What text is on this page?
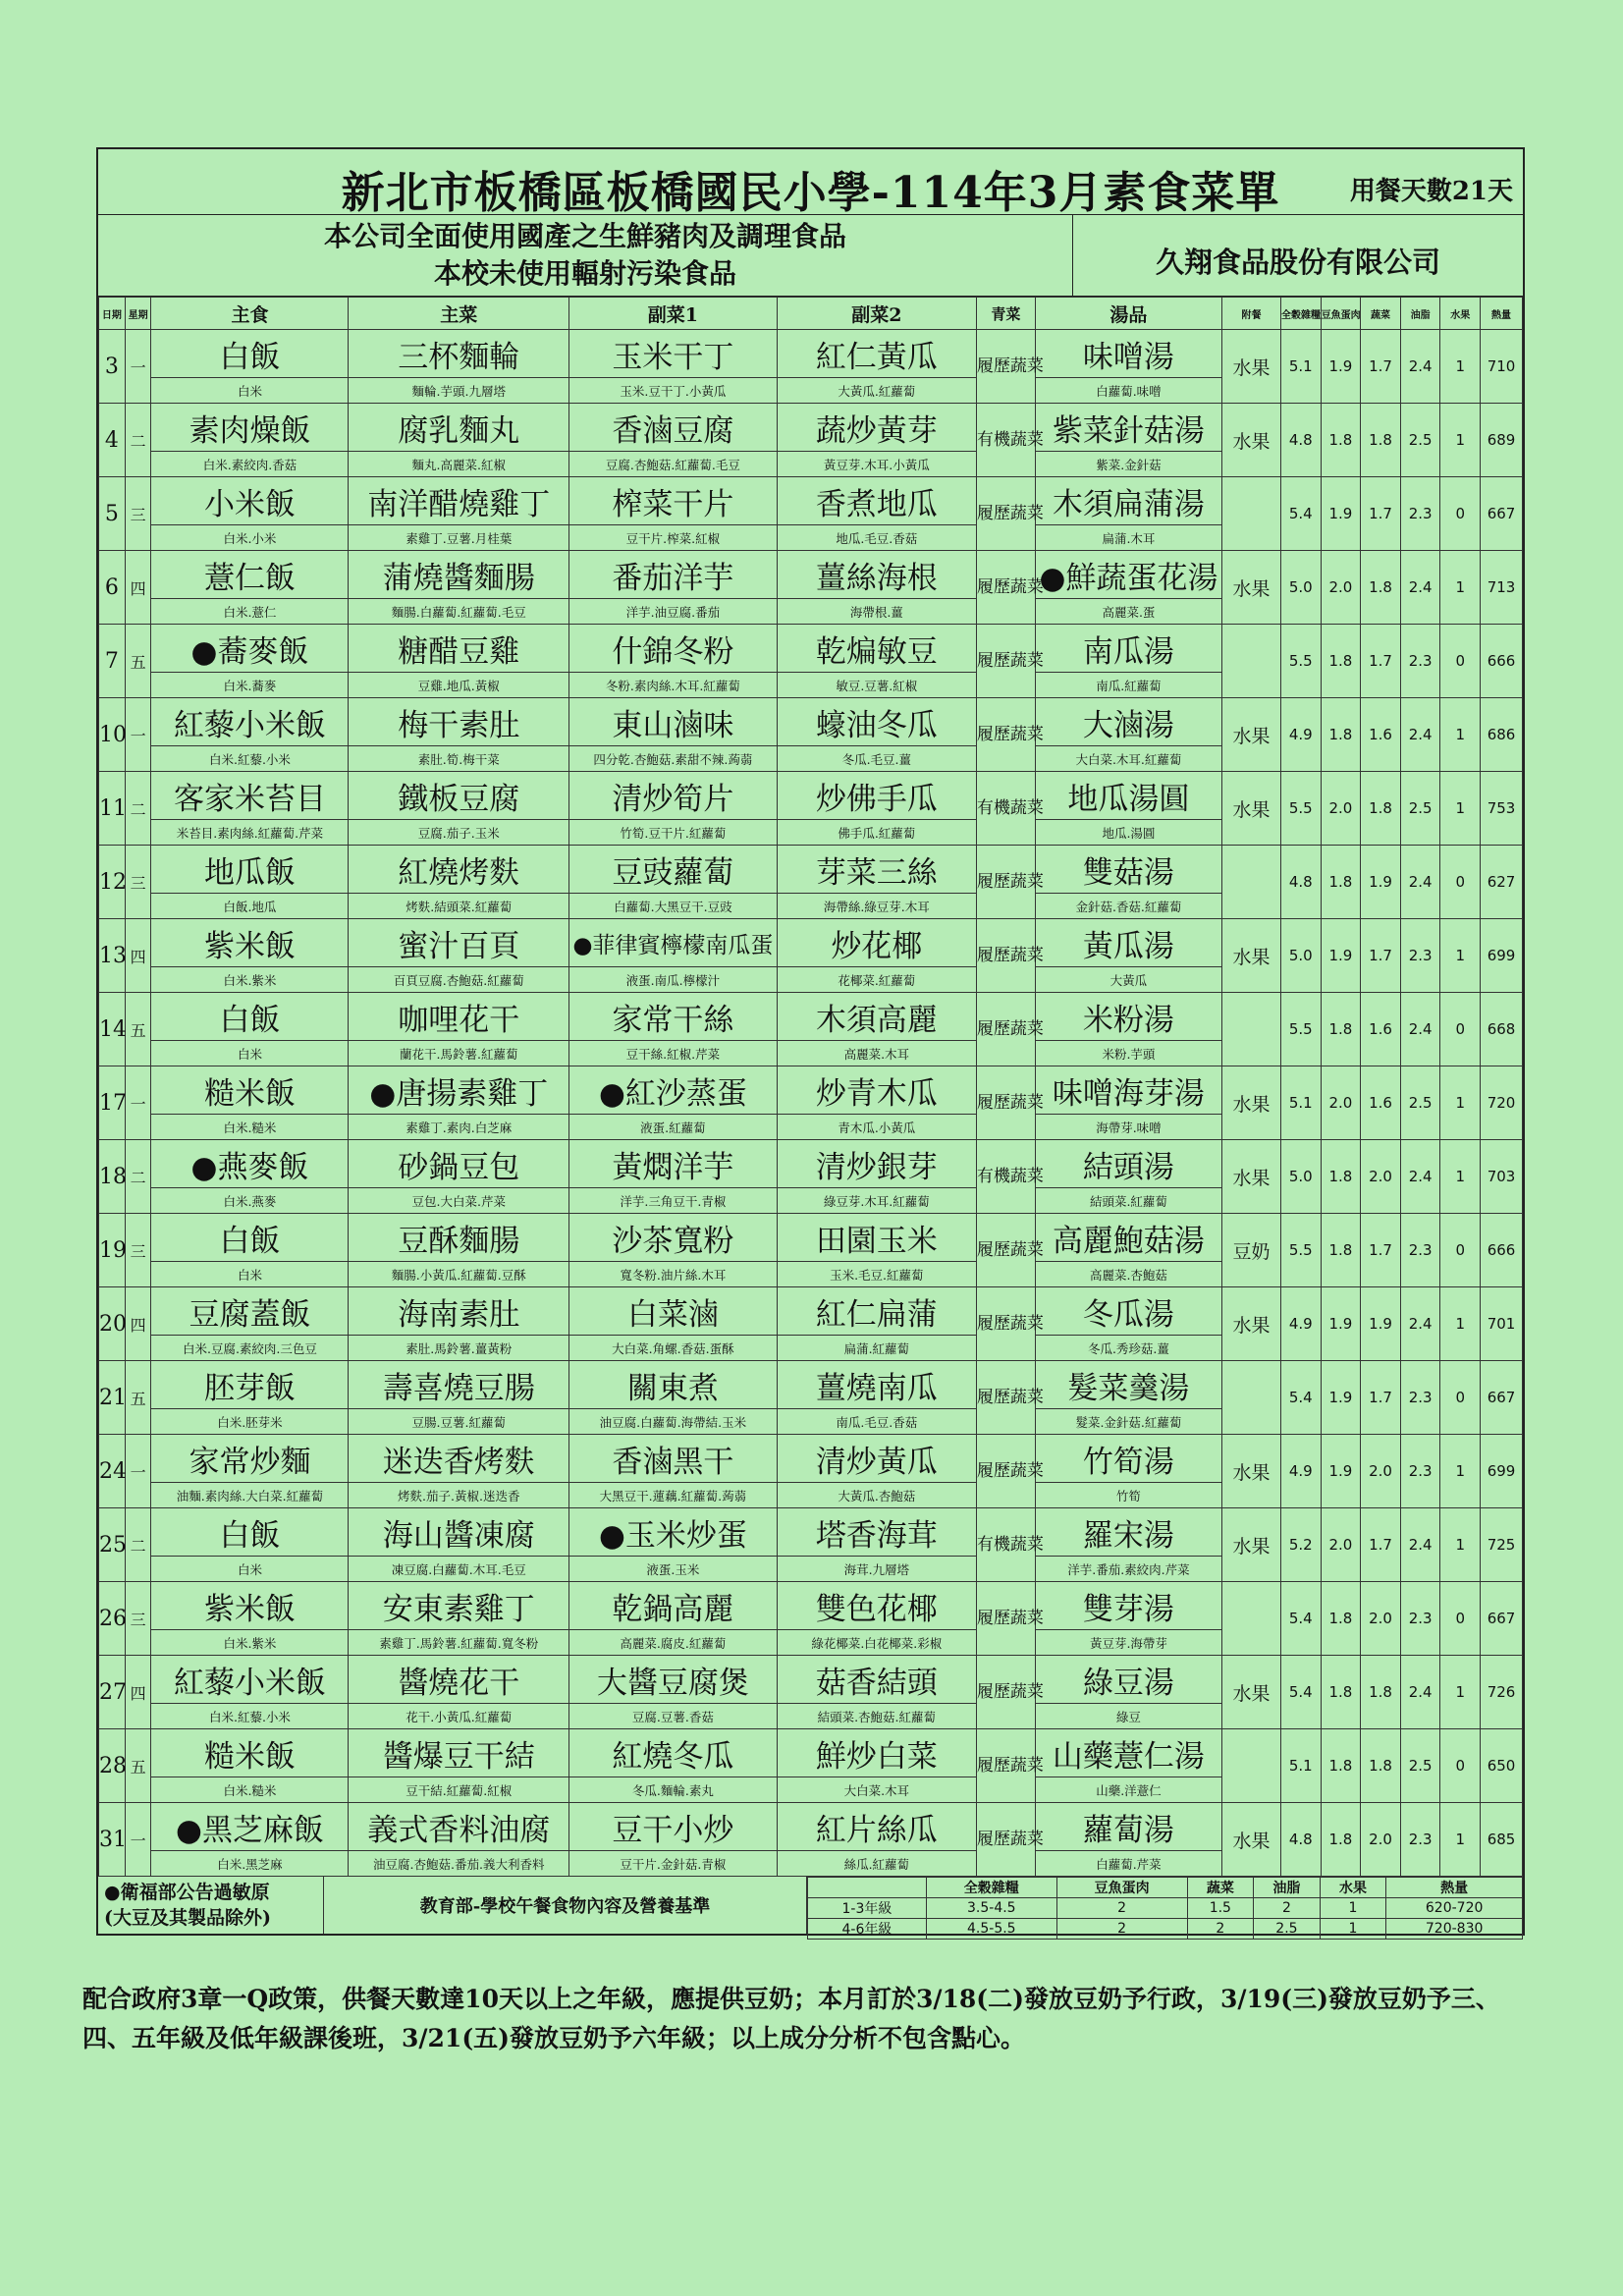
新北市板橋區板橋國民小學-114年3月素食菜單	用餐天數21天
本公司全面使用國產之生鮮豬肉及調理食品
本校未使用輻射污染食品	久翔食品股份有限公司
日期	星期	主食	主菜	副菜1	副菜2	青菜	湯品	附餐	全穀雜糧	豆魚蛋肉	蔬菜	油脂	水果	熱量
3	一	白飯	三杯麵輪	玉米干丁	紅仁黃瓜	履歷蔬菜	味噌湯	水果	5.1	1.9	1.7	2.4	1	710
		白米	麵輪.芋頭.九層塔	玉米.豆干丁.小黃瓜	大黃瓜.紅蘿蔔		白蘿蔔.味噌							
4	二	素肉燥飯	腐乳麵丸	香滷豆腐	蔬炒黃芽	有機蔬菜	紫菜針菇湯	水果	4.8	1.8	1.8	2.5	1	689
		白米.素絞肉.香菇	麵丸.高麗菜.紅椒	豆腐.杏鮑菇.紅蘿蔔.毛豆	黃豆芽.木耳.小黃瓜		紫菜.金針菇							
5	三	小米飯	南洋醋燒雞丁	榨菜干片	香煮地瓜	履歷蔬菜	木須扁蒲湯		5.4	1.9	1.7	2.3	0	667
		白米.小米	素雞丁.豆薯.月桂葉	豆干片.榨菜.紅椒	地瓜.毛豆.香菇		扁蒲.木耳							
6	四	薏仁飯	蒲燒醬麵腸	番茄洋芋	薑絲海根	履歷蔬菜	●鮮蔬蛋花湯	水果	5.0	2.0	1.8	2.4	1	713
		白米.薏仁	麵腸.白蘿蔔.紅蘿蔔.毛豆	洋芋.油豆腐.番茄	海帶根.薑		高麗菜.蛋							
7	五	●蕎麥飯	糖醋豆雞	什錦冬粉	乾煸敏豆	履歷蔬菜	南瓜湯		5.5	1.8	1.7	2.3	0	666
		白米.蕎麥	豆雞.地瓜.黃椒	冬粉.素肉絲.木耳.紅蘿蔔	敏豆.豆薯.紅椒		南瓜.紅蘿蔔							
10	一	紅藜小米飯	梅干素肚	東山滷味	蠔油冬瓜	履歷蔬菜	大滷湯	水果	4.9	1.8	1.6	2.4	1	686
		白米.紅藜.小米	素肚.筍.梅干菜	四分乾.杏鮑菇.素甜不辣.蒟蒻	冬瓜.毛豆.薑		大白菜.木耳.紅蘿蔔							
11	二	客家米苔目	鐵板豆腐	清炒筍片	炒佛手瓜	有機蔬菜	地瓜湯圓	水果	5.5	2.0	1.8	2.5	1	753
		米苔目.素肉絲.紅蘿蔔.芹菜	豆腐.茄子.玉米	竹筍.豆干片.紅蘿蔔	佛手瓜.紅蘿蔔		地瓜.湯圓							
12	三	地瓜飯	紅燒烤麩	豆豉蘿蔔	芽菜三絲	履歷蔬菜	雙菇湯		4.8	1.8	1.9	2.4	0	627
		白飯.地瓜	烤麩.結頭菜.紅蘿蔔	白蘿蔔.大黑豆干.豆豉	海帶絲.綠豆芽.木耳		金針菇.香菇.紅蘿蔔							
13	四	紫米飯	蜜汁百頁	●菲律賓檸檬南瓜蛋	炒花椰	履歷蔬菜	黃瓜湯	水果	5.0	1.9	1.7	2.3	1	699
		白米.紫米	百頁豆腐.杏鮑菇.紅蘿蔔	液蛋.南瓜.檸檬汁	花椰菜.紅蘿蔔		大黃瓜							
14	五	白飯	咖哩花干	家常干絲	木須高麗	履歷蔬菜	米粉湯		5.5	1.8	1.6	2.4	0	668
		白米	蘭花干.馬鈴薯.紅蘿蔔	豆干絲.紅椒.芹菜	高麗菜.木耳		米粉.芋頭							
17	一	糙米飯	●唐揚素雞丁	●紅沙蒸蛋	炒青木瓜	履歷蔬菜	味噌海芽湯	水果	5.1	2.0	1.6	2.5	1	720
		白米.糙米	素雞丁.素肉.白芝麻	液蛋.紅蘿蔔	青木瓜.小黃瓜		海帶芽.味噌							
18	二	●燕麥飯	砂鍋豆包	黃燜洋芋	清炒銀芽	有機蔬菜	結頭湯	水果	5.0	1.8	2.0	2.4	1	703
		白米.燕麥	豆包.大白菜.芹菜	洋芋.三角豆干.青椒	綠豆芽.木耳.紅蘿蔔		結頭菜.紅蘿蔔							
19	三	白飯	豆酥麵腸	沙茶寬粉	田園玉米	履歷蔬菜	高麗鮑菇湯	豆奶	5.5	1.8	1.7	2.3	0	666
		白米	麵腸.小黃瓜.紅蘿蔔.豆酥	寬冬粉.油片絲.木耳	玉米.毛豆.紅蘿蔔		高麗菜.杏鮑菇							
20	四	豆腐蓋飯	海南素肚	白菜滷	紅仁扁蒲	履歷蔬菜	冬瓜湯	水果	4.9	1.9	1.9	2.4	1	701
		白米.豆腐.素絞肉.三色豆	素肚.馬鈴薯.薑黃粉	大白菜.角螺.香菇.蛋酥	扁蒲.紅蘿蔔		冬瓜.秀珍菇.薑							
21	五	胚芽飯	壽喜燒豆腸	關東煮	薑燒南瓜	履歷蔬菜	髮菜羹湯		5.4	1.9	1.7	2.3	0	667
		白米.胚芽米	豆腸.豆薯.紅蘿蔔	油豆腐.白蘿蔔.海帶結.玉米	南瓜.毛豆.香菇		髮菜.金針菇.紅蘿蔔							
24	一	家常炒麵	迷迭香烤麩	香滷黑干	清炒黃瓜	履歷蔬菜	竹筍湯	水果	4.9	1.9	2.0	2.3	1	699
		油麵.素肉絲.大白菜.紅蘿蔔	烤麩.茄子.黃椒.迷迭香	大黑豆干.蓮藕.紅蘿蔔.蒟蒻	大黃瓜.杏鮑菇		竹筍							
25	二	白飯	海山醬凍腐	●玉米炒蛋	塔香海茸	有機蔬菜	羅宋湯	水果	5.2	2.0	1.7	2.4	1	725
		白米	凍豆腐.白蘿蔔.木耳.毛豆	液蛋.玉米	海茸.九層塔		洋芋.番茄.素絞肉.芹菜							
26	三	紫米飯	安東素雞丁	乾鍋高麗	雙色花椰	履歷蔬菜	雙芽湯		5.4	1.8	2.0	2.3	0	667
		白米.紫米	素雞丁.馬鈴薯.紅蘿蔔.寬冬粉	高麗菜.腐皮.紅蘿蔔	綠花椰菜.白花椰菜.彩椒		黃豆芽.海帶芽							
27	四	紅藜小米飯	醬燒花干	大醬豆腐煲	菇香結頭	履歷蔬菜	綠豆湯	水果	5.4	1.8	1.8	2.4	1	726
		白米.紅藜.小米	花干.小黃瓜.紅蘿蔔	豆腐.豆薯.香菇	結頭菜.杏鮑菇.紅蘿蔔		綠豆							
28	五	糙米飯	醬爆豆干結	紅燒冬瓜	鮮炒白菜	履歷蔬菜	山藥薏仁湯		5.1	1.8	1.8	2.5	0	650
		白米.糙米	豆干結.紅蘿蔔.紅椒	冬瓜.麵輪.素丸	大白菜.木耳		山藥.洋薏仁							
31	一	●黑芝麻飯	義式香料油腐	豆干小炒	紅片絲瓜	履歷蔬菜	蘿蔔湯	水果	4.8	1.8	2.0	2.3	1	685
		白米.黑芝麻	油豆腐.杏鮑菇.番茄.義大利香料	豆干片.金針菇.青椒	絲瓜.紅蘿蔔		白蘿蔔.芹菜							
●衛福部公告過敏原
(大豆及其製品除外)
教育部-學校午餐食物內容及營養基準
	全穀雜糧	豆魚蛋肉	蔬菜	油脂	水果	熱量
1-3年級	3.5-4.5	2	1.5	2	1	620-720
4-6年級	4.5-5.5	2	2	2.5	1	720-830
配合政府3章一Q政策，供餐天數達10天以上之年級，應提供豆奶；本月訂於3/18(二)發放豆奶予行政，3/19(三)發放豆奶予三、四、五年級及低年級課後班，3/21(五)發放豆奶予六年級；以上成分分析不包含點心。
